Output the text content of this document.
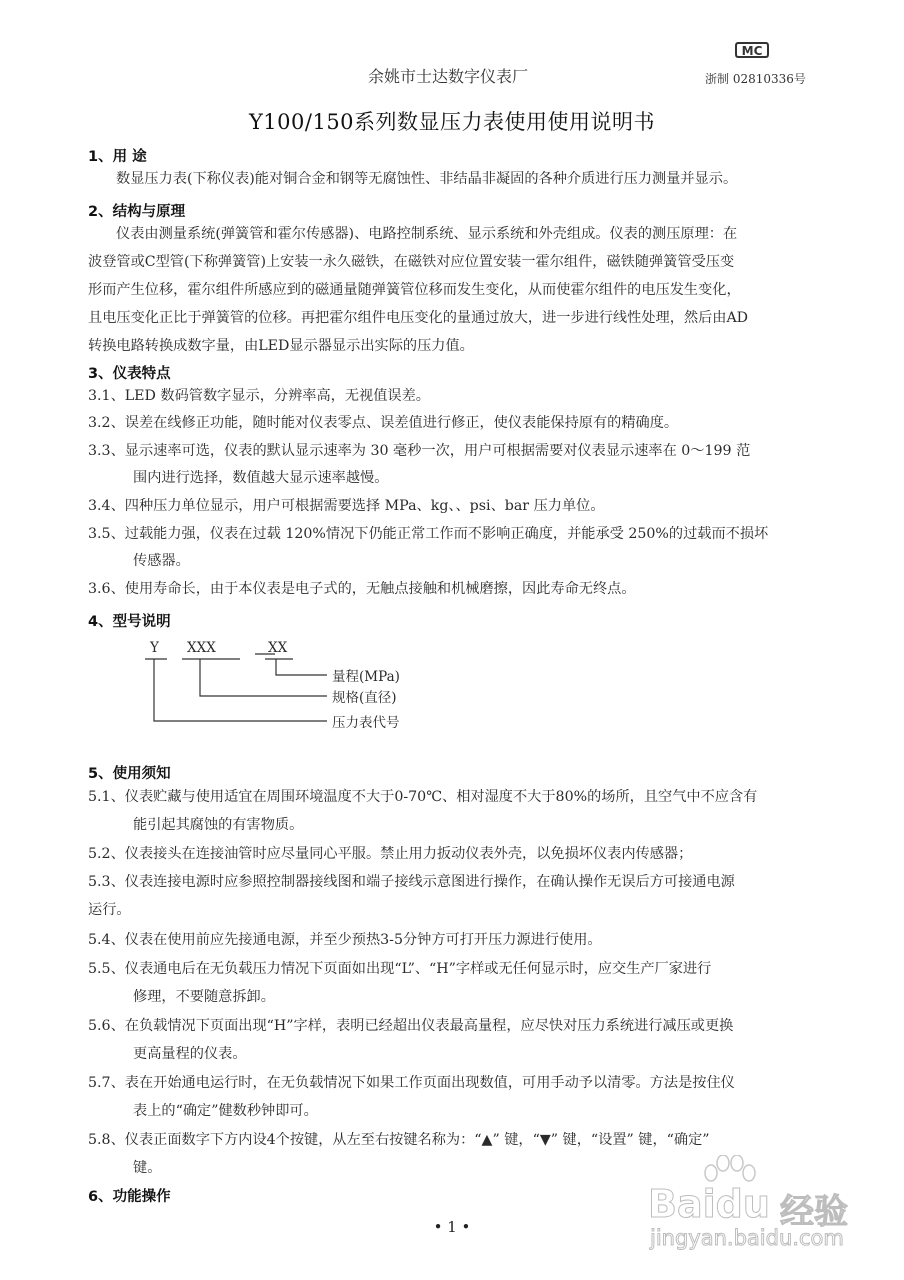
余姚市士达数字仪表厂
MC
浙制 02810336号
Y100/150系列数显压力表使用使用说明书
1、用 途
数显压力表(下称仪表)能对铜合金和钢等无腐蚀性、非结晶非凝固的各种介质进行压力测量并显示。
2、结构与原理
仪表由测量系统(弹簧管和霍尔传感器)、电路控制系统、显示系统和外壳组成。仪表的测压原理：在
波登管或C型管(下称弹簧管)上安装一永久磁铁，在磁铁对应位置安装一霍尔组件，磁铁随弹簧管受压变
形而产生位移，霍尔组件所感应到的磁通量随弹簧管位移而发生变化，从而使霍尔组件的电压发生变化，
且电压变化正比于弹簧管的位移。再把霍尔组件电压变化的量通过放大，进一步进行线性处理，然后由AD
转换电路转换成数字量，由LED显示器显示出实际的压力值。
3、仪表特点
3.1、LED 数码管数字显示，分辨率高，无视值误差。
3.2、误差在线修正功能，随时能对仪表零点、误差值进行修正，使仪表能保持原有的精确度。
3.3、显示速率可选，仪表的默认显示速率为 30 毫秒一次，用户可根据需要对仪表显示速率在 0～199 范
围内进行选择，数值越大显示速率越慢。
3.4、四种压力单位显示，用户可根据需要选择 MPa、kg、、psi、bar 压力单位。
3.5、过载能力强，仪表在过载 120%情况下仍能正常工作而不影响正确度，并能承受 250%的过载而不损坏
传感器。
3.6、使用寿命长，由于本仪表是电子式的，无触点接触和机械磨擦，因此寿命无终点。
4、型号说明
Y XXX	XX
量程(MPa)
规格(直径)
压力表代号
5、使用须知
5.1、仪表贮藏与使用适宜在周围环境温度不大于0-70℃、相对湿度不大于80%的场所，且空气中不应含有
能引起其腐蚀的有害物质。
5.2、仪表接头在连接油管时应尽量同心平服。禁止用力扳动仪表外壳，以免损坏仪表内传感器；
5.3、仪表连接电源时应参照控制器接线图和端子接线示意图进行操作，在确认操作无误后方可接通电源
运行。
5.4、仪表在使用前应先接通电源，并至少预热3-5分钟方可打开压力源进行使用。
5.5、仪表通电后在无负载压力情况下页面如出现“L”、“H”字样或无任何显示时，应交生产厂家进行
修理，不要随意拆卸。
5.6、在负载情况下页面出现“H”字样，表明已经超出仪表最高量程，应尽快对压力系统进行减压或更换
更高量程的仪表。
5.7、表在开始通电运行时，在无负载情况下如果工作页面出现数值，可用手动予以清零。方法是按住仪
表上的“确定”健数秒钟即可。
5.8、仪表正面数字下方内设4个按键，从左至右按键名称为：“▲” 键，“▼” 键，“设置” 键，“确定”
键。
6、功能操作	Baidu 经验
jingyan.baidu.com
• 1 •
